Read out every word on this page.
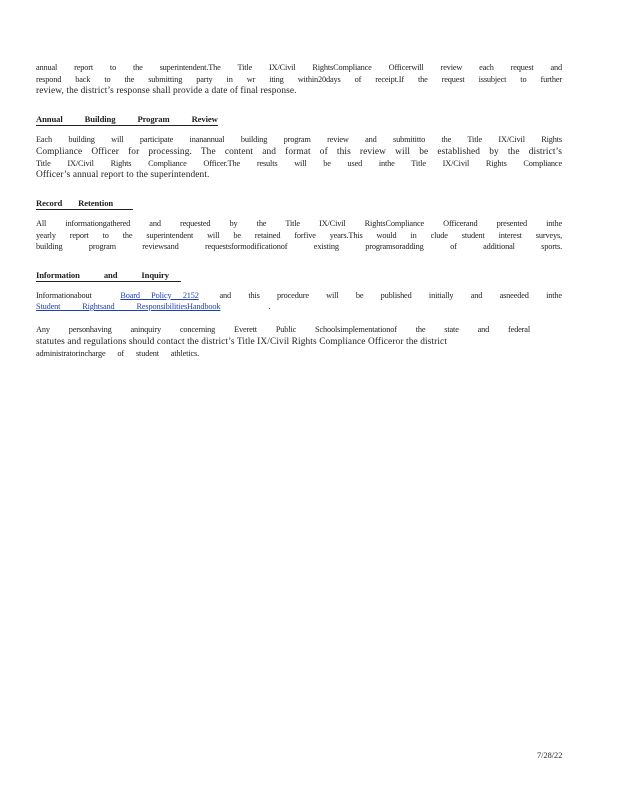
annual report to the superintendent.The Title IX/Civil RightsCompliance Officerwill review each request and

respond back to the submitting party in wr iting within20days of receipt.If the request issubject to further

review, the district’s response shall provide a date of final response.

Annual Building Program Review

Each building will participate inanannual building program review and submititto the Title IX/Civil Rights

Compliance Officer for processing. The content and format of this review will be established by the district’s

Title IX/Civil Rights Compliance Officer.The results will be used inthe Title IX/Civil Rights Compliance

Officer’s annual report to the superintendent.

Record Retention

All informationgathered and requested by the Title IX/Civil RightsCompliance Officerand presented inthe

yearly report to the superintendent will be retained forfive years.This would in clude student interest surveys,

building program reviewsand requestsformodificationof existing programsoradding of additional sports.

Information and Inquiry

Informationabout	Board Policy 2152 and this procedure will be published initially and asneeded inthe

Student Rightsand ResponsibilitiesHandbook	.

Any personhaving aninquiry concerning Everett Public Schoolsimplementationof the state and federal

statutes and regulations should contact the district’s Title IX/Civil Rights Compliance Officeror the district

administratorincharge of student athletics.

7/28/22
